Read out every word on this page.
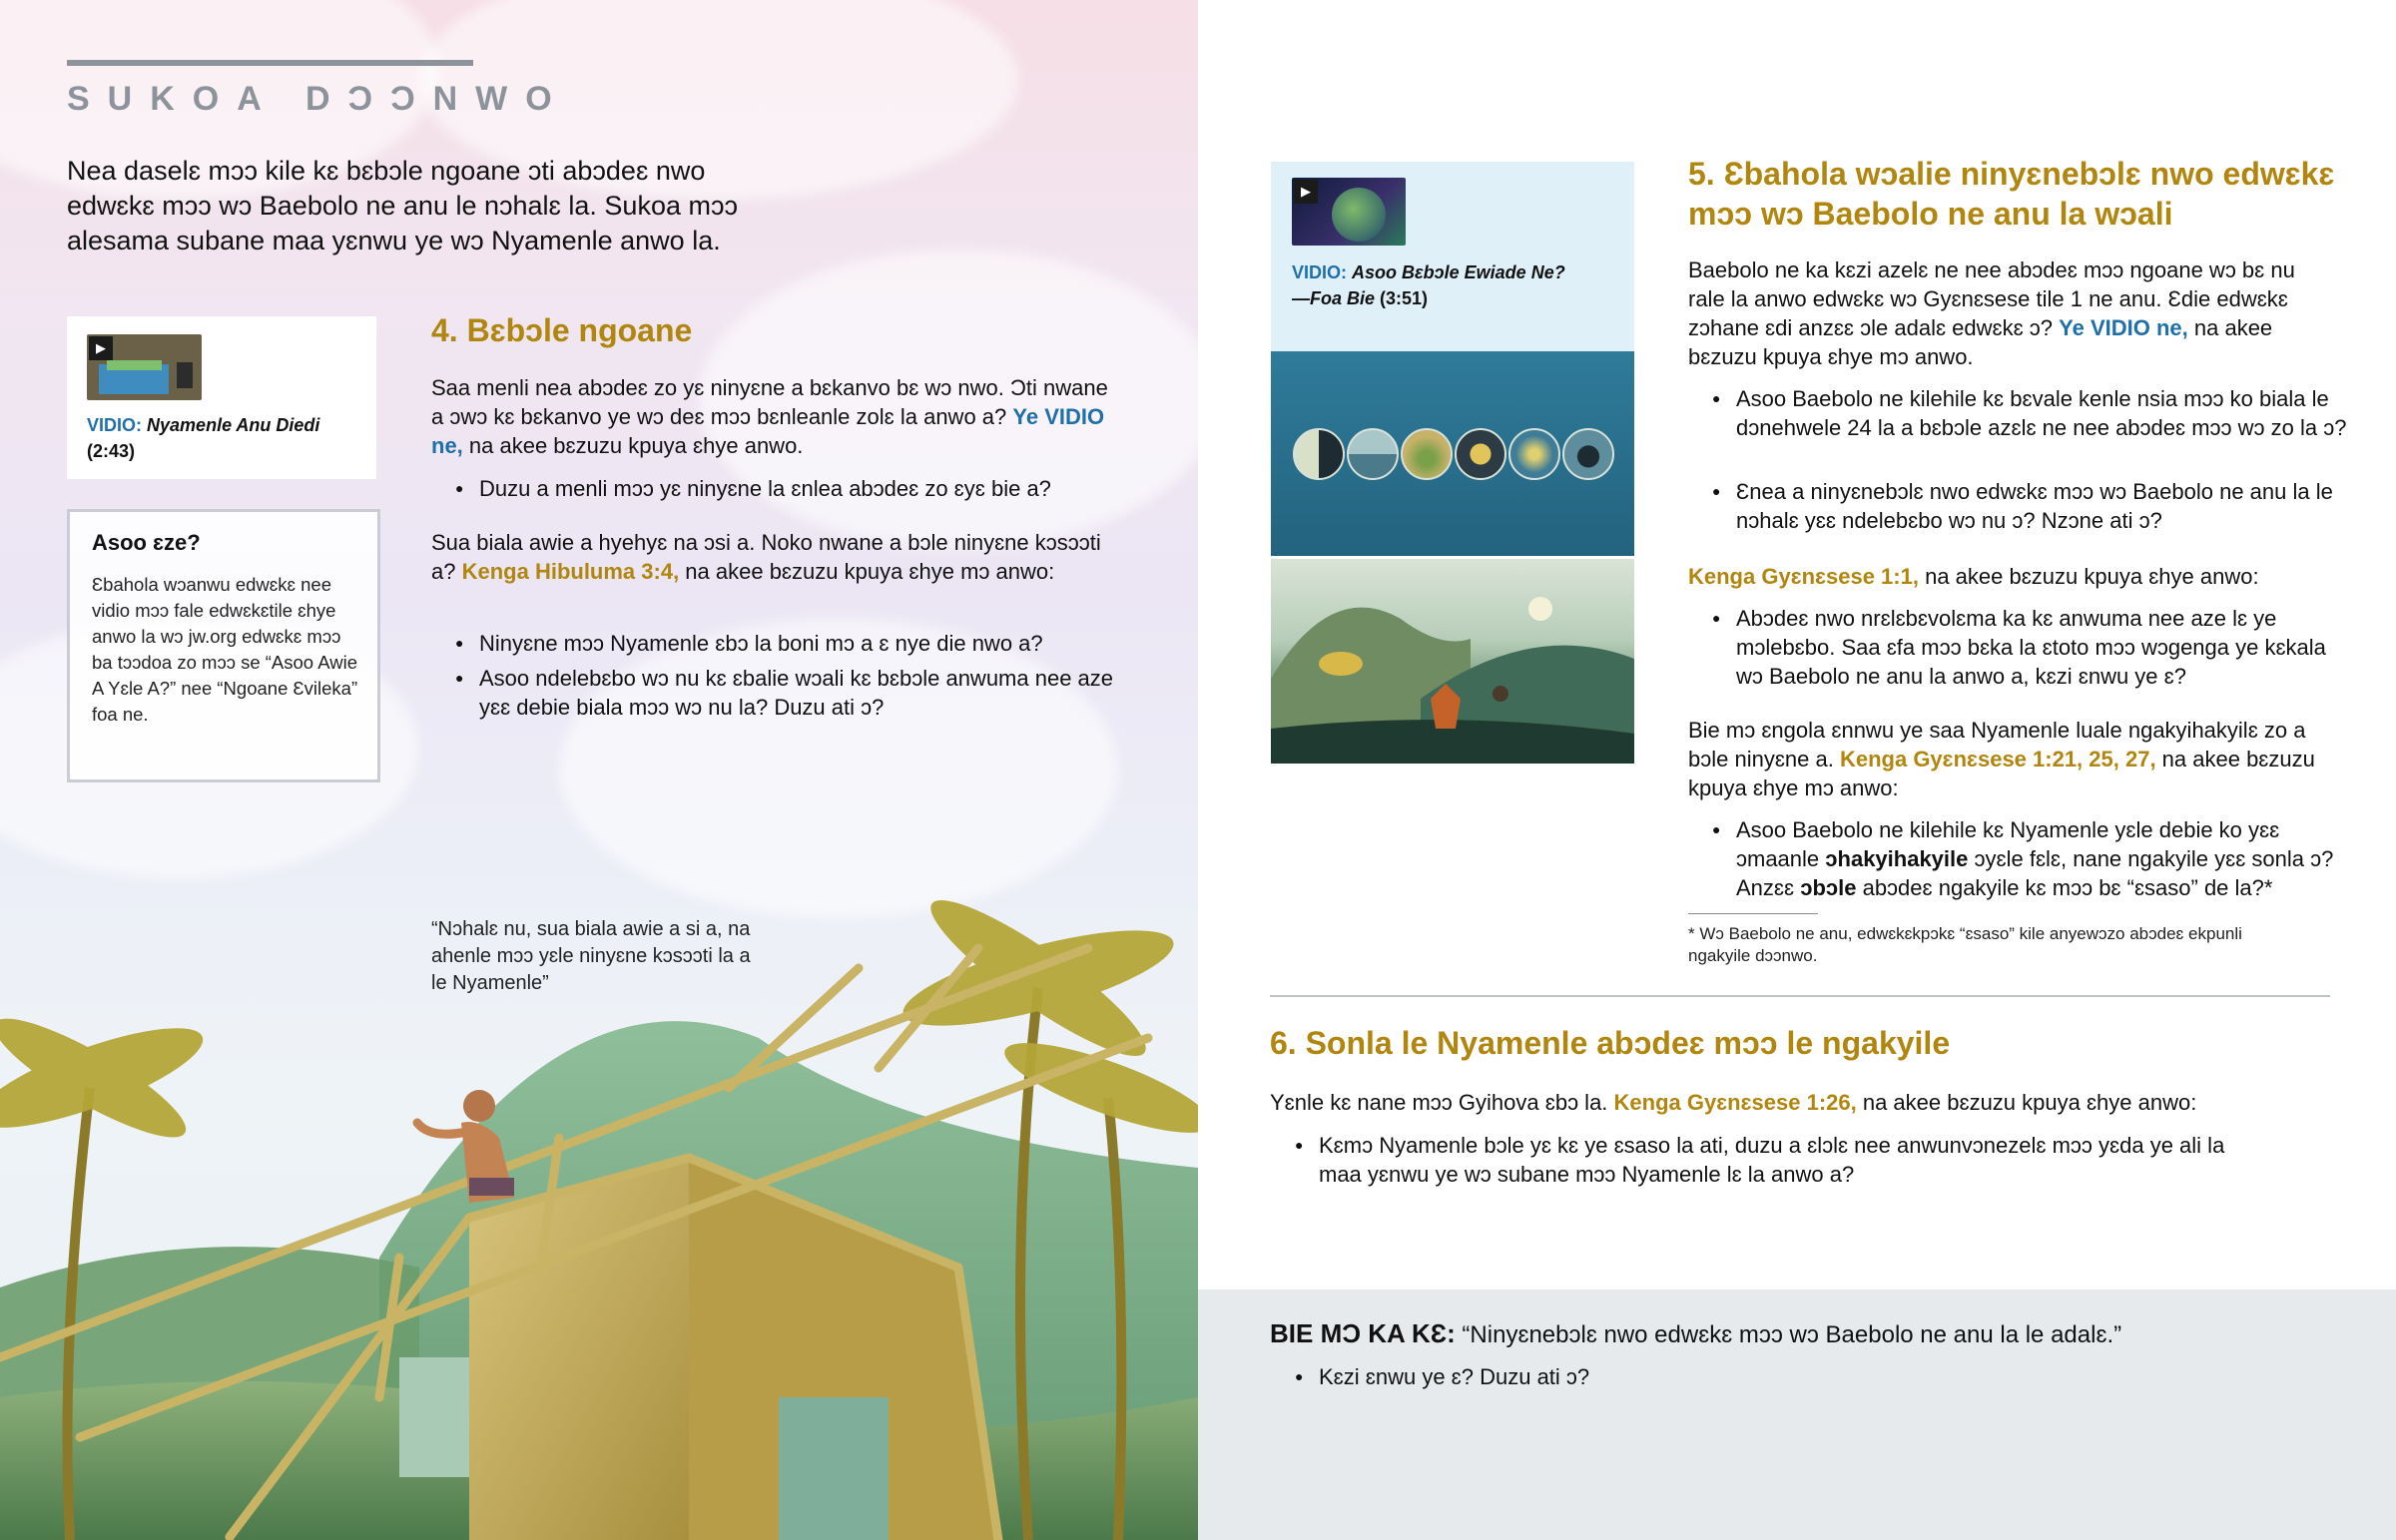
SUKOA DƆƆNWO

Nea daselɛ mɔɔ kile kɛ bɛbɔle ngoane ɔti abɔdeɛ nwo edwɛkɛ mɔɔ wɔ Baebolo ne anu le nɔhalɛ la. Sukoa mɔɔ alesama subane maa yɛnwu ye wɔ Nyamenle anwo la.

▶
VIDIO: Nyamenle Anu Diedi
(2:43)
Asoo ɛze?

Ɛbahola wɔanwu edwɛkɛ nee vidio mɔɔ fale edwɛkɛtile ɛhye anwo la wɔ jw.org edwɛkɛ mɔɔ ba tɔɔdoa zo mɔɔ se “Asoo Awie A Yɛle A?” nee “Ngoane Ɛvileka” foa ne.

4. Bɛbɔle ngoane

Saa menli nea abɔdeɛ zo yɛ ninyɛne a bɛkanvo bɛ wɔ nwo. Ɔti nwane a ɔwɔ kɛ bɛkanvo ye wɔ deɛ mɔɔ bɛnleanle zolɛ la anwo a? Ye VIDIO ne, na akee bɛzuzu kpuya ɛhye anwo.

● Duzu a menli mɔɔ yɛ ninyɛne la ɛnlea abɔdeɛ zo ɛyɛ bie a?

Sua biala awie a hyehyɛ na ɔsi a. Noko nwane a bɔle ninyɛne kɔsɔɔti a? Kenga Hibuluma 3:4, na akee bɛzuzu kpuya ɛhye mɔ anwo:

● Ninyɛne mɔɔ Nyamenle ɛbɔ la boni mɔ a ɛ nye die nwo a?
● Asoo ndelebɛbo wɔ nu kɛ ɛbalie wɔali kɛ bɛbɔle anwuma nee aze yɛɛ debie biala mɔɔ wɔ nu la? Duzu ati ɔ?
“Nɔhalɛ nu, sua biala awie a si a, na ahenle mɔɔ yɛle ninyɛne kɔsɔɔti la a le Nyamenle”
▶
VIDIO: Asoo Bɛbɔle Ewiade Ne?
—Foa Bie (3:51)
5. Ɛbahola wɔalie ninyɛnebɔlɛ nwo edwɛkɛ mɔɔ wɔ Baebolo ne anu la wɔali

Baebolo ne ka kɛzi azelɛ ne nee abɔdeɛ mɔɔ ngoane wɔ bɛ nu rale la anwo edwɛkɛ wɔ Gyɛnɛsese tile 1 ne anu. Ɛdie edwɛkɛ zɔhane ɛdi anzɛɛ ɔle adalɛ edwɛkɛ ɔ? Ye VIDIO ne, na akee bɛzuzu kpuya ɛhye mɔ anwo.

● Asoo Baebolo ne kilehile kɛ bɛvale kenle nsia mɔɔ ko biala le dɔnehwele 24 la a bɛbɔle azɛlɛ ne nee abɔdeɛ mɔɔ wɔ zo la ɔ?
● Ɛnea a ninyɛnebɔlɛ nwo edwɛkɛ mɔɔ wɔ Baebolo ne anu la le nɔhalɛ yɛɛ ndelebɛbo wɔ nu ɔ? Nzɔne ati ɔ?

Kenga Gyɛnɛsese 1:1, na akee bɛzuzu kpuya ɛhye anwo:

● Abɔdeɛ nwo nrɛlɛbɛvolɛma ka kɛ anwuma nee aze lɛ ye mɔlebɛbo. Saa ɛfa mɔɔ bɛka la ɛtoto mɔɔ wɔgenga ye kɛkala wɔ Baebolo ne anu la anwo a, kɛzi ɛnwu ye ɛ?

Bie mɔ ɛngola ɛnnwu ye saa Nyamenle luale ngakyihakyilɛ zo a bɔle ninyɛne a. Kenga Gyɛnɛsese 1:21, 25, 27, na akee bɛzuzu kpuya ɛhye mɔ anwo:

● Asoo Baebolo ne kilehile kɛ Nyamenle yɛle debie ko yɛɛ ɔmaanle ɔhakyihakyile ɔyɛle fɛlɛ, nane ngakyile yɛɛ sonla ɔ? Anzɛɛ ɔbɔle abɔdeɛ ngakyile kɛ mɔɔ bɛ “ɛsaso” de la?*
* Wɔ Baebolo ne anu, edwɛkɛkpɔkɛ “ɛsaso” kile anyewɔzo abɔdeɛ ekpunli ngakyile dɔɔnwo.
6. Sonla le Nyamenle abɔdeɛ mɔɔ le ngakyile

Yɛnle kɛ nane mɔɔ Gyihova ɛbɔ la. Kenga Gyɛnɛsese 1:26, na akee bɛzuzu kpuya ɛhye anwo:

● Kɛmɔ Nyamenle bɔle yɛ kɛ ye ɛsaso la ati, duzu a ɛlɔlɛ nee anwunvɔnezelɛ mɔɔ yɛda ye ali la maa yɛnwu ye wɔ subane mɔɔ Nyamenle lɛ la anwo a?

BIE MƆ KA KƐ: “Ninyɛnebɔlɛ nwo edwɛkɛ mɔɔ wɔ Baebolo ne anu la le adalɛ.”

● Kɛzi ɛnwu ye ɛ? Duzu ati ɔ?
